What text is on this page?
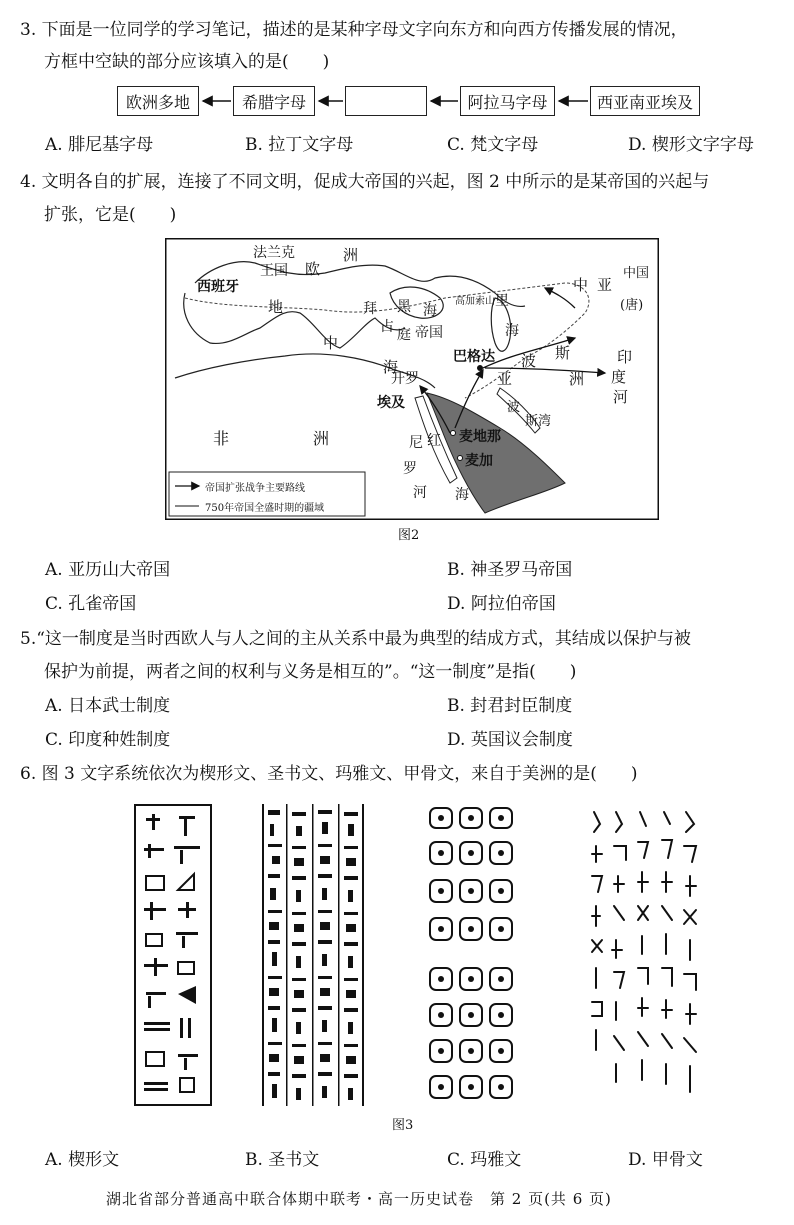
3. 下面是一位同学的学习笔记，描述的是某种字母文字向东方和向西方传播发展的情况，
方框中空缺的部分应该填入的是(　　)
欧洲多地	希腊字母	阿拉马字母	西亚南亚埃及
A. 腓尼基字母	B. 拉丁文字母	C. 梵文字母	D. 楔形文字字母
4. 文明各自的扩展，连接了不同文明，促成大帝国的兴起，图 2 中所示的是某帝国的兴起与
扩张，它是(　　)
法兰克
王国 欧
洲
西班牙
地
中
海
拜
占 庭 帝国
黑 海
高加索山 里
海
中 亚
中国
(唐)
巴格达
亚
波 斯
洲
印
度
河
开罗
埃及
非	洲	尼
罗
河
红
海
麦地那
麦加
波
斯湾
帝国扩张战争主要路线
750年帝国全盛时期的疆域
图2
A. 亚历山大帝国	B. 神圣罗马帝国
C. 孔雀帝国	D. 阿拉伯帝国
5.“这一制度是当时西欧人与人之间的主从关系中最为典型的结成方式，其结成以保护与被
保护为前提，两者之间的权利与义务是相互的”。“这一制度”是指(　　)
A. 日本武士制度	B. 封君封臣制度
C. 印度种姓制度	D. 英国议会制度
6. 图 3 文字系统依次为楔形文、圣书文、玛雅文、甲骨文，来自于美洲的是(　　)
图3
A. 楔形文	B. 圣书文	C. 玛雅文	D. 甲骨文
湖北省部分普通高中联合体期中联考・高一历史试卷　第 2 页(共 6 页)
